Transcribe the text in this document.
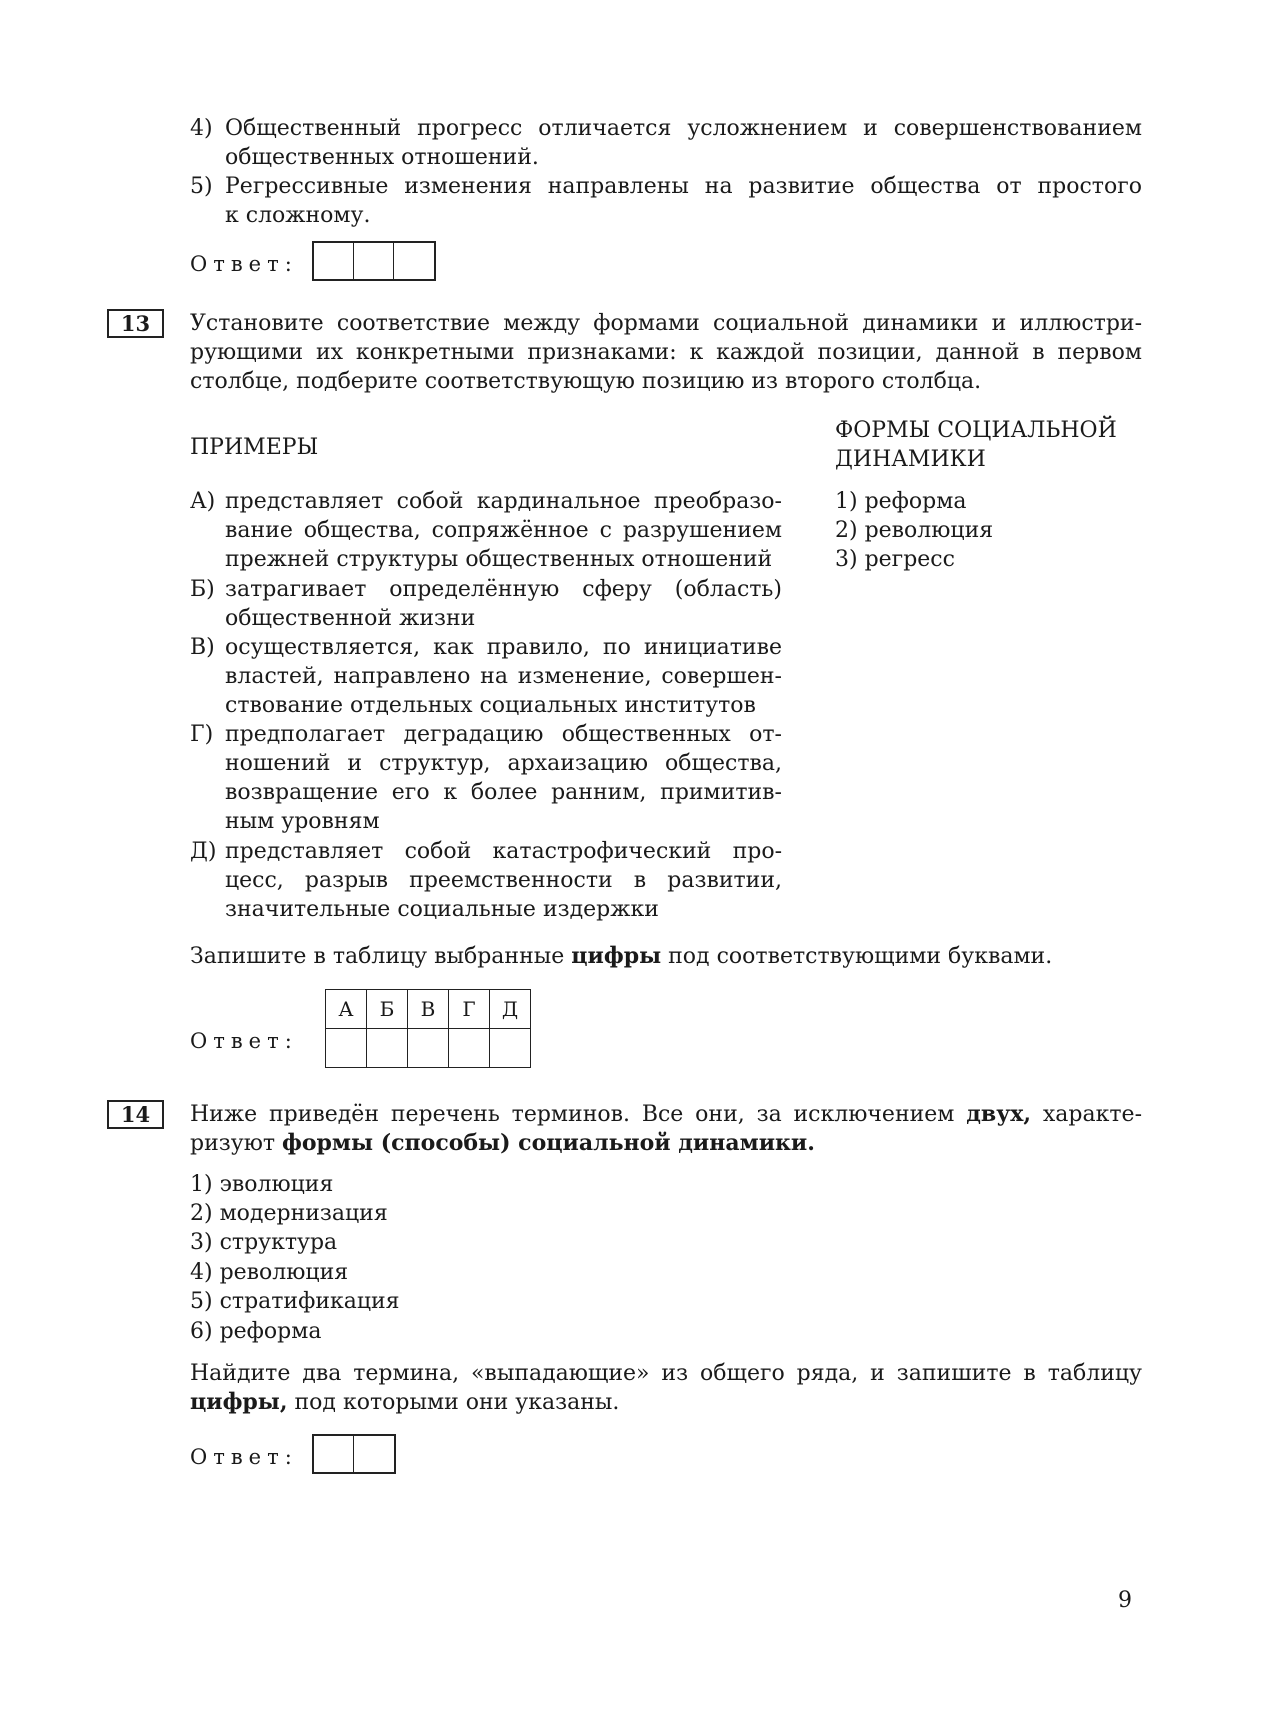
4) Общественный прогресс отличается усложнением и совершенствованием
общественных отношений.
5) Регрессивные изменения направлены на развитие общества от простого
к сложному.
Ответ:
13	Установите соответствие между формами социальной динамики и иллюстри-
рующими их конкретными признаками: к каждой позиции, данной в первом
столбце, подберите соответствующую позицию из второго столбца.
ПРИМЕРЫ
ФОРМЫ СОЦИАЛЬНОЙ
ДИНАМИКИ
А) представляет собой кардинальное преобразо-
вание общества, сопряжённое с разрушением
прежней структуры общественных отношений
Б) затрагивает определённую сферу (область)
общественной жизни
В) осуществляется, как правило, по инициативе
властей, направлено на изменение, совершен-
ствование отдельных социальных институтов
Г) предполагает деградацию общественных от-
ношений и структур, архаизацию общества,
возвращение его к более ранним, примитив-
ным уровням
Д) представляет собой катастрофический про-
цесс, разрыв преемственности в развитии,
значительные социальные издержки
1) реформа
2) революция
3) регресс
Запишите в таблицу выбранные цифры под соответствующими буквами.
Ответ:
А	Б	В	Г	Д

14	Ниже приведён перечень терминов. Все они, за исключением двух, характе-
ризуют формы (способы) социальной динамики.
1) эволюция
2) модернизация
3) структура
4) революция
5) стратификация
6) реформа
Найдите два термина, «выпадающие» из общего ряда, и запишите в таблицу
цифры, под которыми они указаны.
Ответ:
9
